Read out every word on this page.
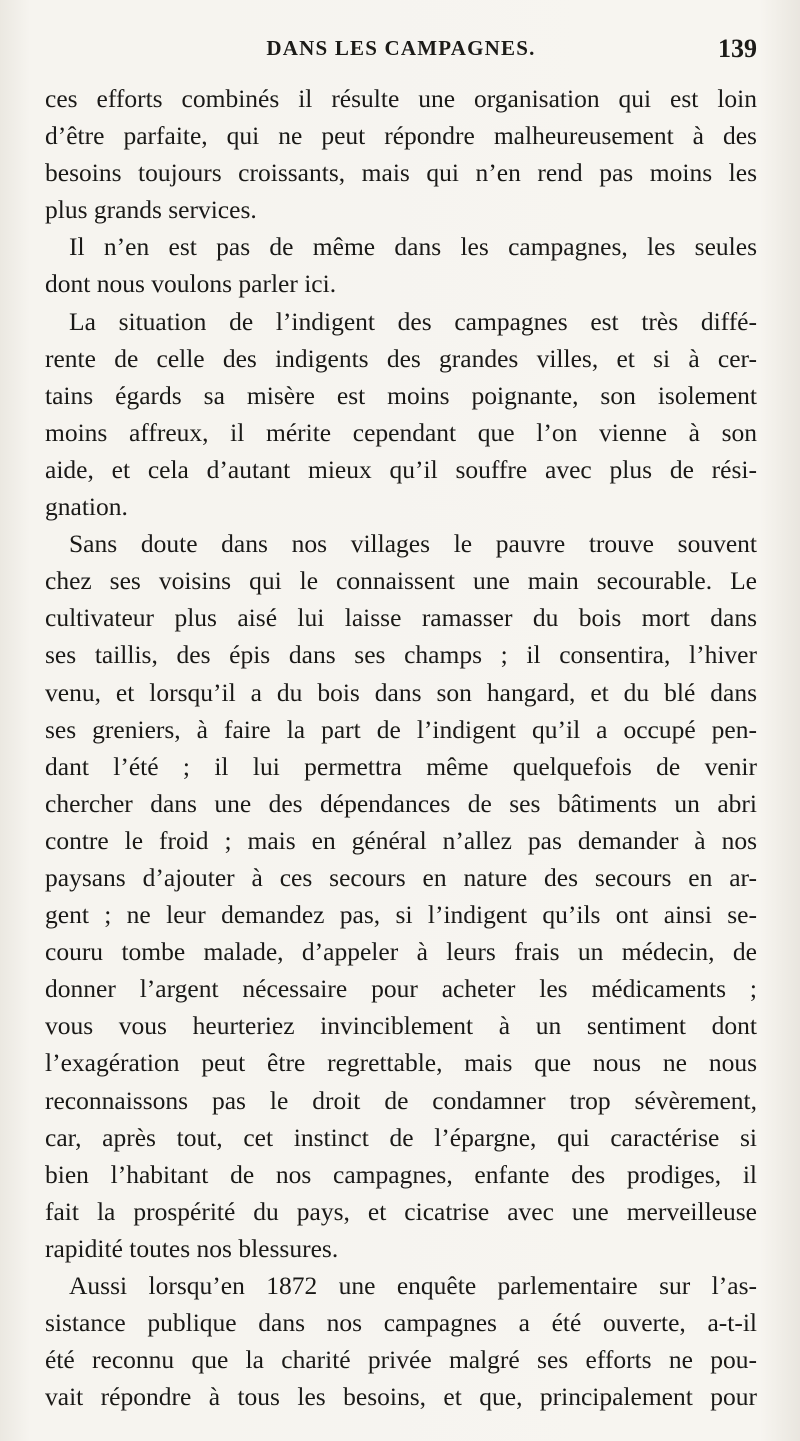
DANS LES CAMPAGNES.	139

ces efforts combinés il résulte une organisation qui est loin
d’être parfaite, qui ne peut répondre malheureusement à des
besoins toujours croissants, mais qui n’en rend pas moins les
plus grands services.

Il n’en est pas de même dans les campagnes, les seules
dont nous voulons parler ici.

La situation de l’indigent des campagnes est très diffé-
rente de celle des indigents des grandes villes, et si à cer-
tains égards sa misère est moins poignante, son isolement
moins affreux, il mérite cependant que l’on vienne à son
aide, et cela d’autant mieux qu’il souffre avec plus de rési-
gnation.

Sans doute dans nos villages le pauvre trouve souvent
chez ses voisins qui le connaissent une main secourable. Le
cultivateur plus aisé lui laisse ramasser du bois mort dans
ses taillis, des épis dans ses champs ; il consentira, l’hiver
venu, et lorsqu’il a du bois dans son hangard, et du blé dans
ses greniers, à faire la part de l’indigent qu’il a occupé pen-
dant l’été ; il lui permettra même quelquefois de venir
chercher dans une des dépendances de ses bâtiments un abri
contre le froid ; mais en général n’allez pas demander à nos
paysans d’ajouter à ces secours en nature des secours en ar-
gent ; ne leur demandez pas, si l’indigent qu’ils ont ainsi se-
couru tombe malade, d’appeler à leurs frais un médecin, de
donner l’argent nécessaire pour acheter les médicaments ;
vous vous heurteriez invinciblement à un sentiment dont
l’exagération peut être regrettable, mais que nous ne nous
reconnaissons pas le droit de condamner trop sévèrement,
car, après tout, cet instinct de l’épargne, qui caractérise si
bien l’habitant de nos campagnes, enfante des prodiges, il
fait la prospérité du pays, et cicatrise avec une merveilleuse
rapidité toutes nos blessures.

Aussi lorsqu’en 1872 une enquête parlementaire sur l’as-
sistance publique dans nos campagnes a été ouverte, a-t-il
été reconnu que la charité privée malgré ses efforts ne pou-
vait répondre à tous les besoins, et que, principalement pour
